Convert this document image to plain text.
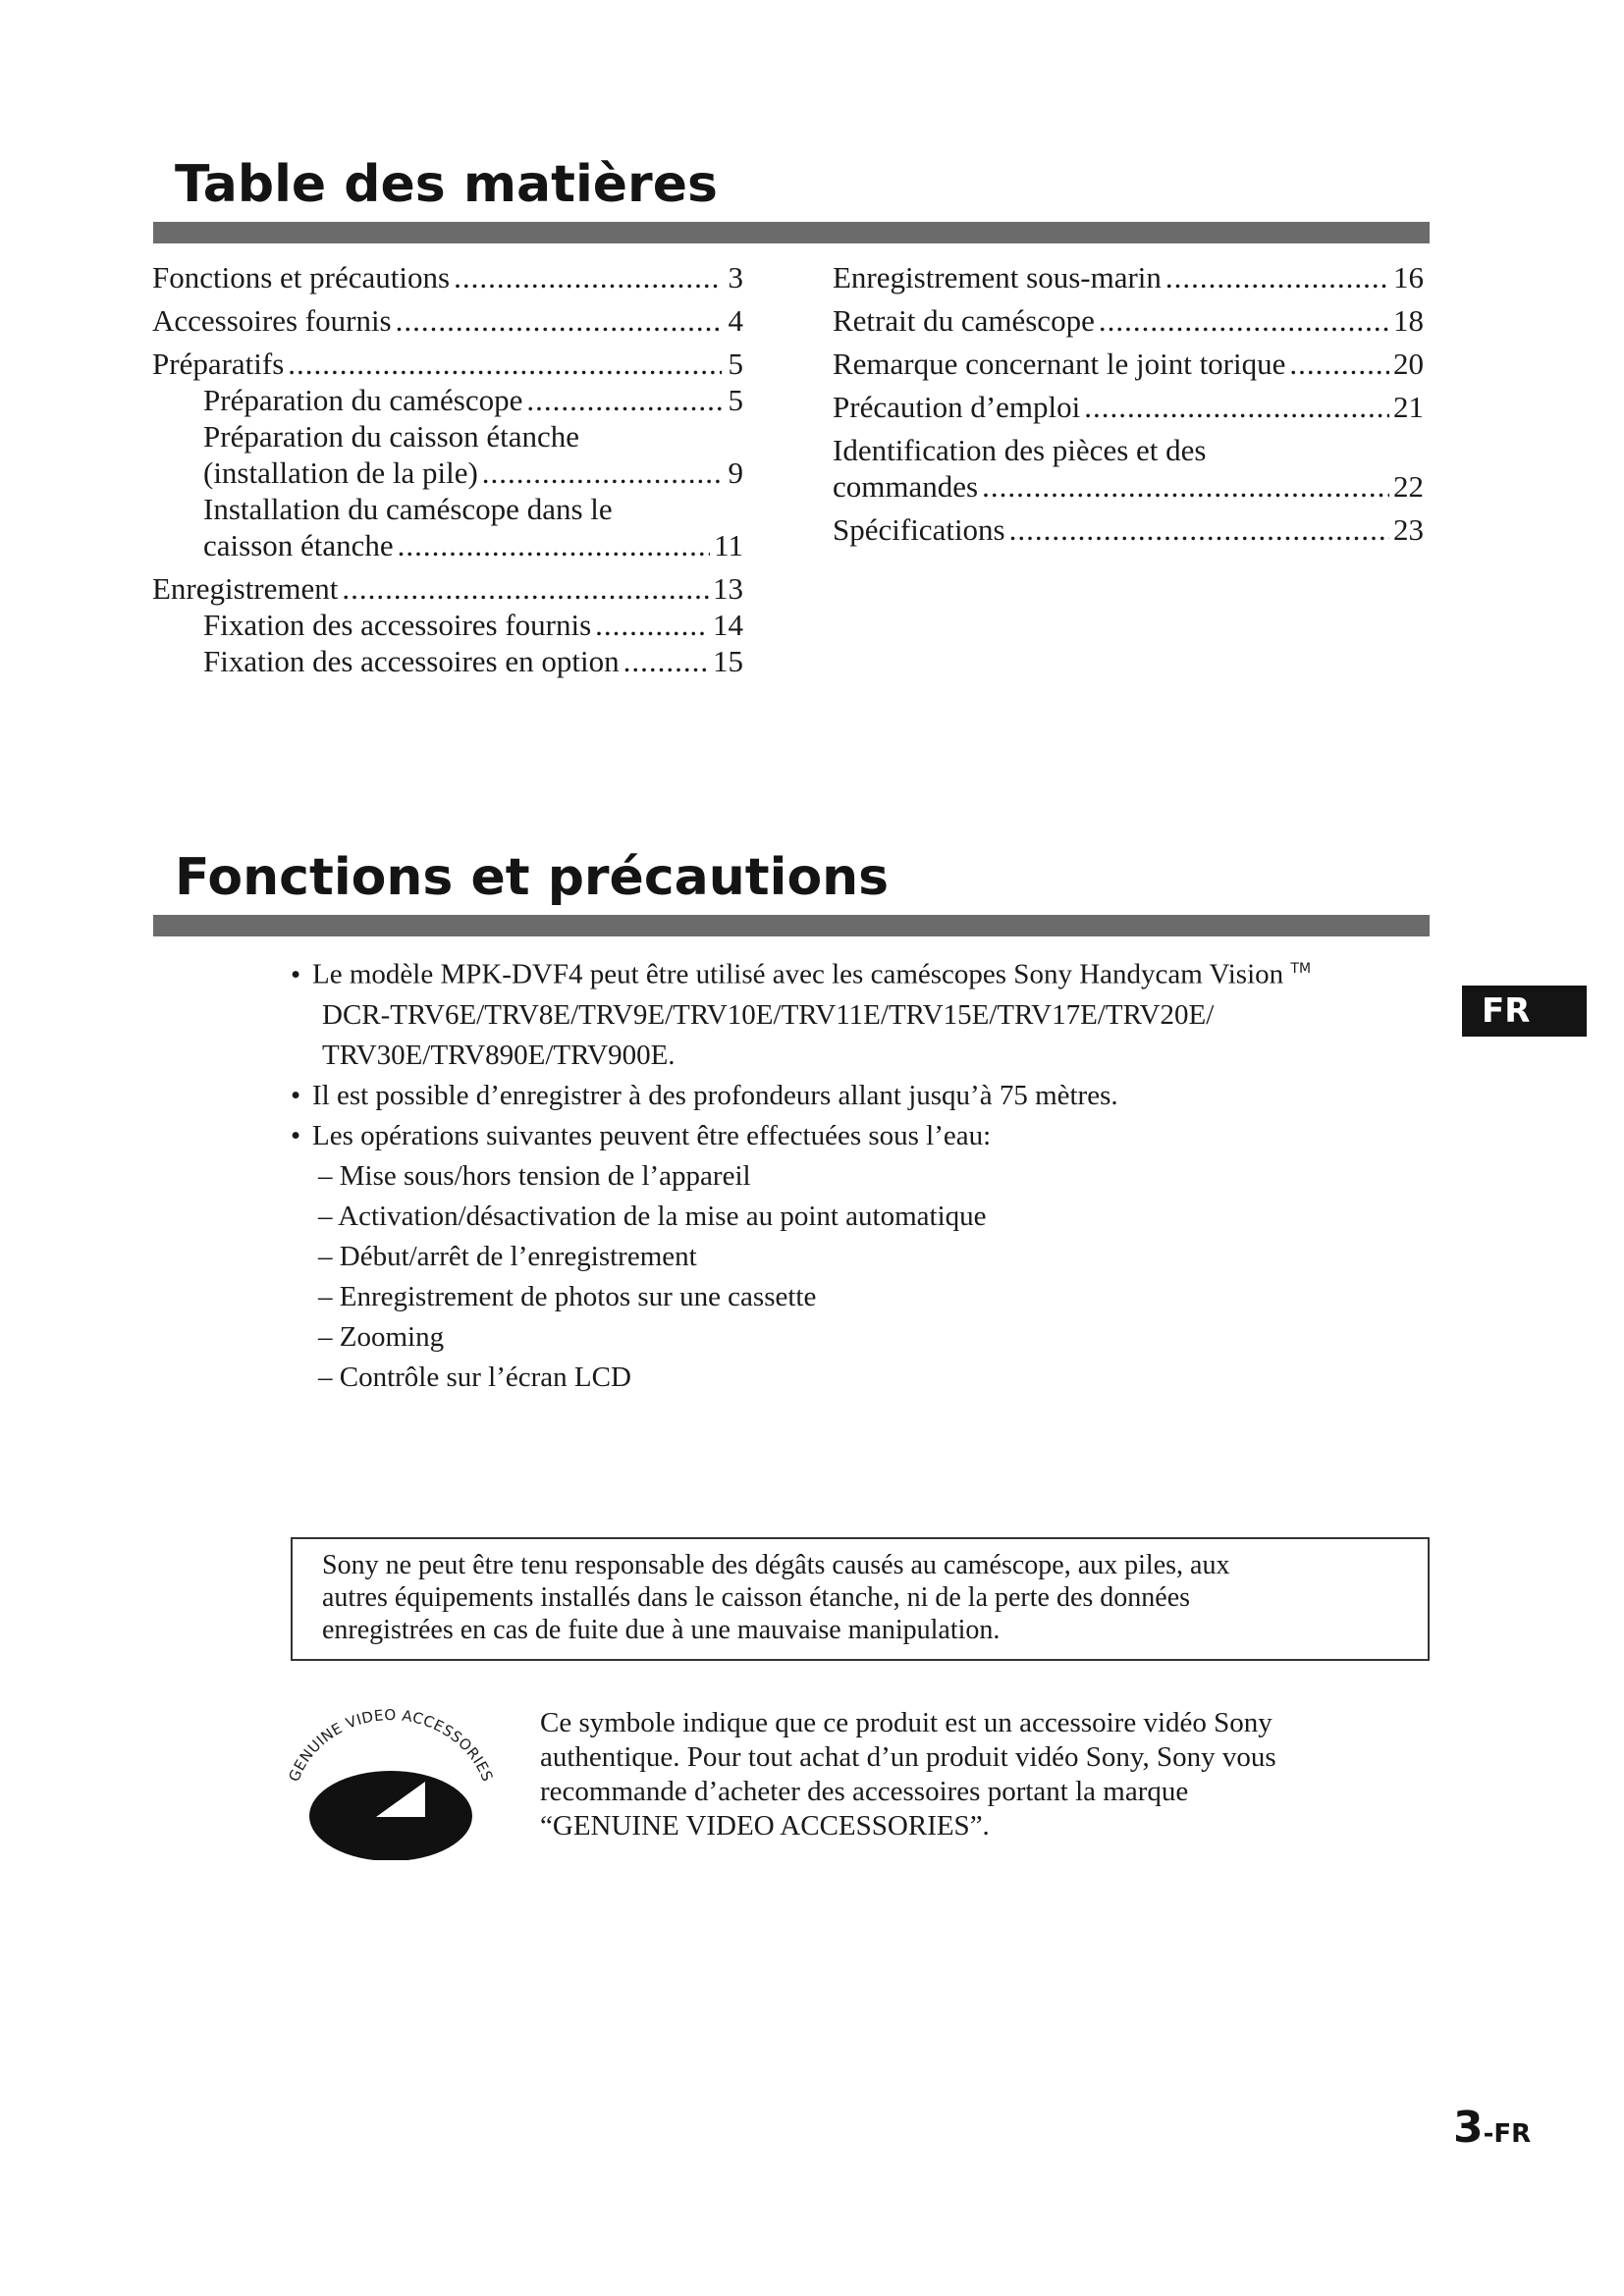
Table des matières
Fonctions et précautions .....	3
Accessoires fournis .....	4
Préparatifs .....	5
Préparation du caméscope .....	5
Préparation du caisson étanche
(installation de la pile) .....	9
Installation du caméscope dans le
caisson étanche .....	11
Enregistrement .....	13
Fixation des accessoires fournis .....	14
Fixation des accessoires en option .....	15
Enregistrement sous-marin .....	16
Retrait du caméscope .....	18
Remarque concernant le joint torique .....	20
Précaution d’emploi .....	21
Identification des pièces et des
commandes .....	22
Spécifications .....	23
Fonctions et précautions
• Le modèle MPK-DVF4 peut être utilisé avec les caméscopes Sony Handycam Vision ™
DCR-TRV6E/TRV8E/TRV9E/TRV10E/TRV11E/TRV15E/TRV17E/TRV20E/
TRV30E/TRV890E/TRV900E.
• Il est possible d’enregistrer à des profondeurs allant jusqu’à 75 mètres.
• Les opérations suivantes peuvent être effectuées sous l’eau:
– Mise sous/hors tension de l’appareil
– Activation/désactivation de la mise au point automatique
– Début/arrêt de l’enregistrement
– Enregistrement de photos sur une cassette
– Zooming
– Contrôle sur l’écran LCD
FR
Sony ne peut être tenu responsable des dégâts causés au caméscope, aux piles, aux
autres équipements installés dans le caisson étanche, ni de la perte des données
enregistrées en cas de fuite due à une mauvaise manipulation.
GENUINE VIDEO ACCESSORIES
Ce symbole indique que ce produit est un accessoire vidéo Sony
authentique. Pour tout achat d’un produit vidéo Sony, Sony vous
recommande d’acheter des accessoires portant la marque
“GENUINE VIDEO ACCESSORIES”.
3-FR
